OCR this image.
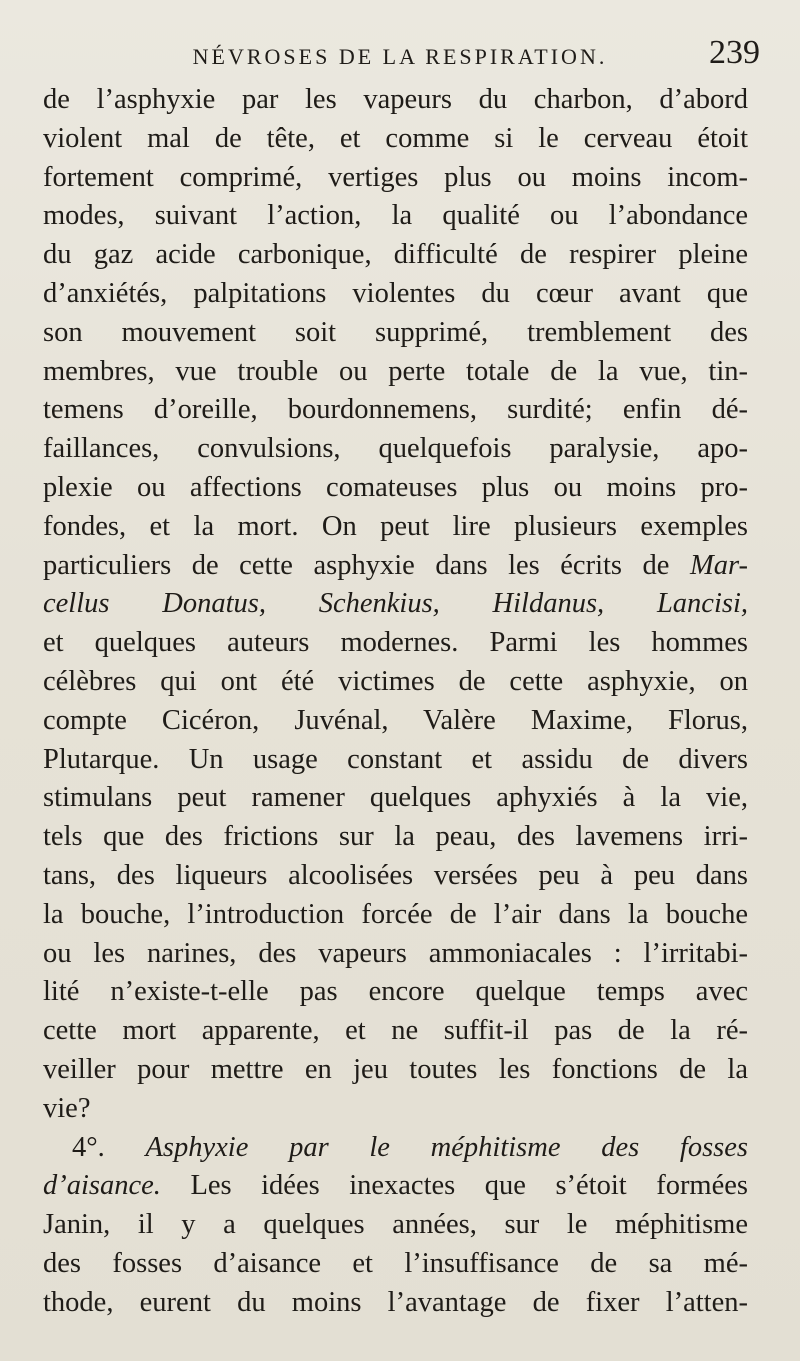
NÉVROSES DE LA RESPIRATION.	239
de l’asphyxie par les vapeurs du charbon, d’abord
violent mal de tête, et comme si le cerveau étoit
fortement comprimé, vertiges plus ou moins incom-
modes, suivant l’action, la qualité ou l’abondance
du gaz acide carbonique, difficulté de respirer pleine
d’anxiétés, palpitations violentes du cœur avant que
son mouvement soit supprimé, tremblement des
membres, vue trouble ou perte totale de la vue, tin-
temens d’oreille, bourdonnemens, surdité; enfin dé-
faillances, convulsions, quelquefois paralysie, apo-
plexie ou affections comateuses plus ou moins pro-
fondes, et la mort. On peut lire plusieurs exemples
particuliers de cette asphyxie dans les écrits de Mar-
cellus Donatus, Schenkius, Hildanus, Lancisi,
et quelques auteurs modernes. Parmi les hommes
célèbres qui ont été victimes de cette asphyxie, on
compte Cicéron, Juvénal, Valère Maxime, Florus,
Plutarque. Un usage constant et assidu de divers
stimulans peut ramener quelques aphyxiés à la vie,
tels que des frictions sur la peau, des lavemens irri-
tans, des liqueurs alcoolisées versées peu à peu dans
la bouche, l’introduction forcée de l’air dans la bouche
ou les narines, des vapeurs ammoniacales : l’irritabi-
lité n’existe-t-elle pas encore quelque temps avec
cette mort apparente, et ne suffit-il pas de la ré-
veiller pour mettre en jeu toutes les fonctions de la
vie?
4°. Asphyxie par le méphitisme des fosses
d’aisance. Les idées inexactes que s’étoit formées
Janin, il y a quelques années, sur le méphitisme
des fosses d’aisance et l’insuffisance de sa mé-
thode, eurent du moins l’avantage de fixer l’atten-
